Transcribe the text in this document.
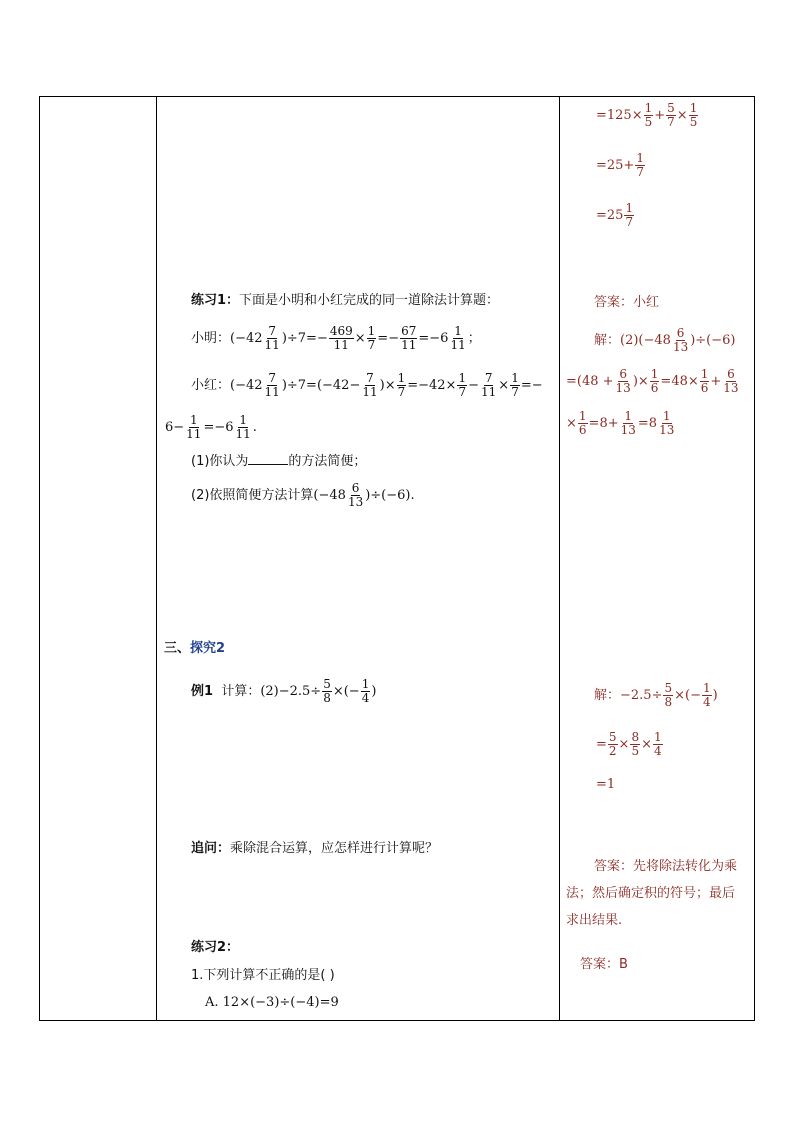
$=125\times \frac{1}{5} + \frac{5}{7} \times \frac{1}{5}$
$=25+ \frac{1}{7}$
$=25 \frac{1}{7}$
练习1：下面是小明和小红完成的同一道除法计算题：
小明：$(-42 \frac{7}{11} )\div 7=- \frac{469}{11} \times \frac{1}{7} =- \frac{67}{11} =-6 \frac{1}{11}$ ；
小红：$(-42 \frac{7}{11} )\div 7=(-42- \frac{7}{11}$ )× $\frac{1}{7} =-42\times \frac{1}{7} - \frac{7}{11} \times \frac{1}{7}$ =−
$6- \frac{1}{11} =-6 \frac{1}{11}$ .
(1)你认为	的方法简便；
(2)依照简便方法计算$(-48 \frac{6}{13} )\div(-6)$.
答案：小红
解：$(2)(-48 \frac{6}{13} )\div(-6)$
$=(48 + \frac{6}{13}$ )× $\frac{1}{6} =48\times \frac{1}{6} + \frac{6}{13}$
× $\frac{1}{6} =8+ \frac{1}{13} =8 \frac{1}{13}$
三、探究2
例1 计算：$(2)-2.5\div \frac{5}{8}$ ×(− $\frac{1}{4}$ )	解：$-2.5\div \frac{5}{8}$ ×(− $\frac{1}{4}$ )
= $\frac{5}{2} \times \frac{8}{5} \times \frac{1}{4}$
=1
追问：乘除混合运算，应怎样进行计算呢？
答案：先将除法转化为乘
法；然后确定积的符号；最后
求出结果.
练习2：
1.下列计算不正确的是( )
A. 12×(−3)÷(−4)=9
答案：B
